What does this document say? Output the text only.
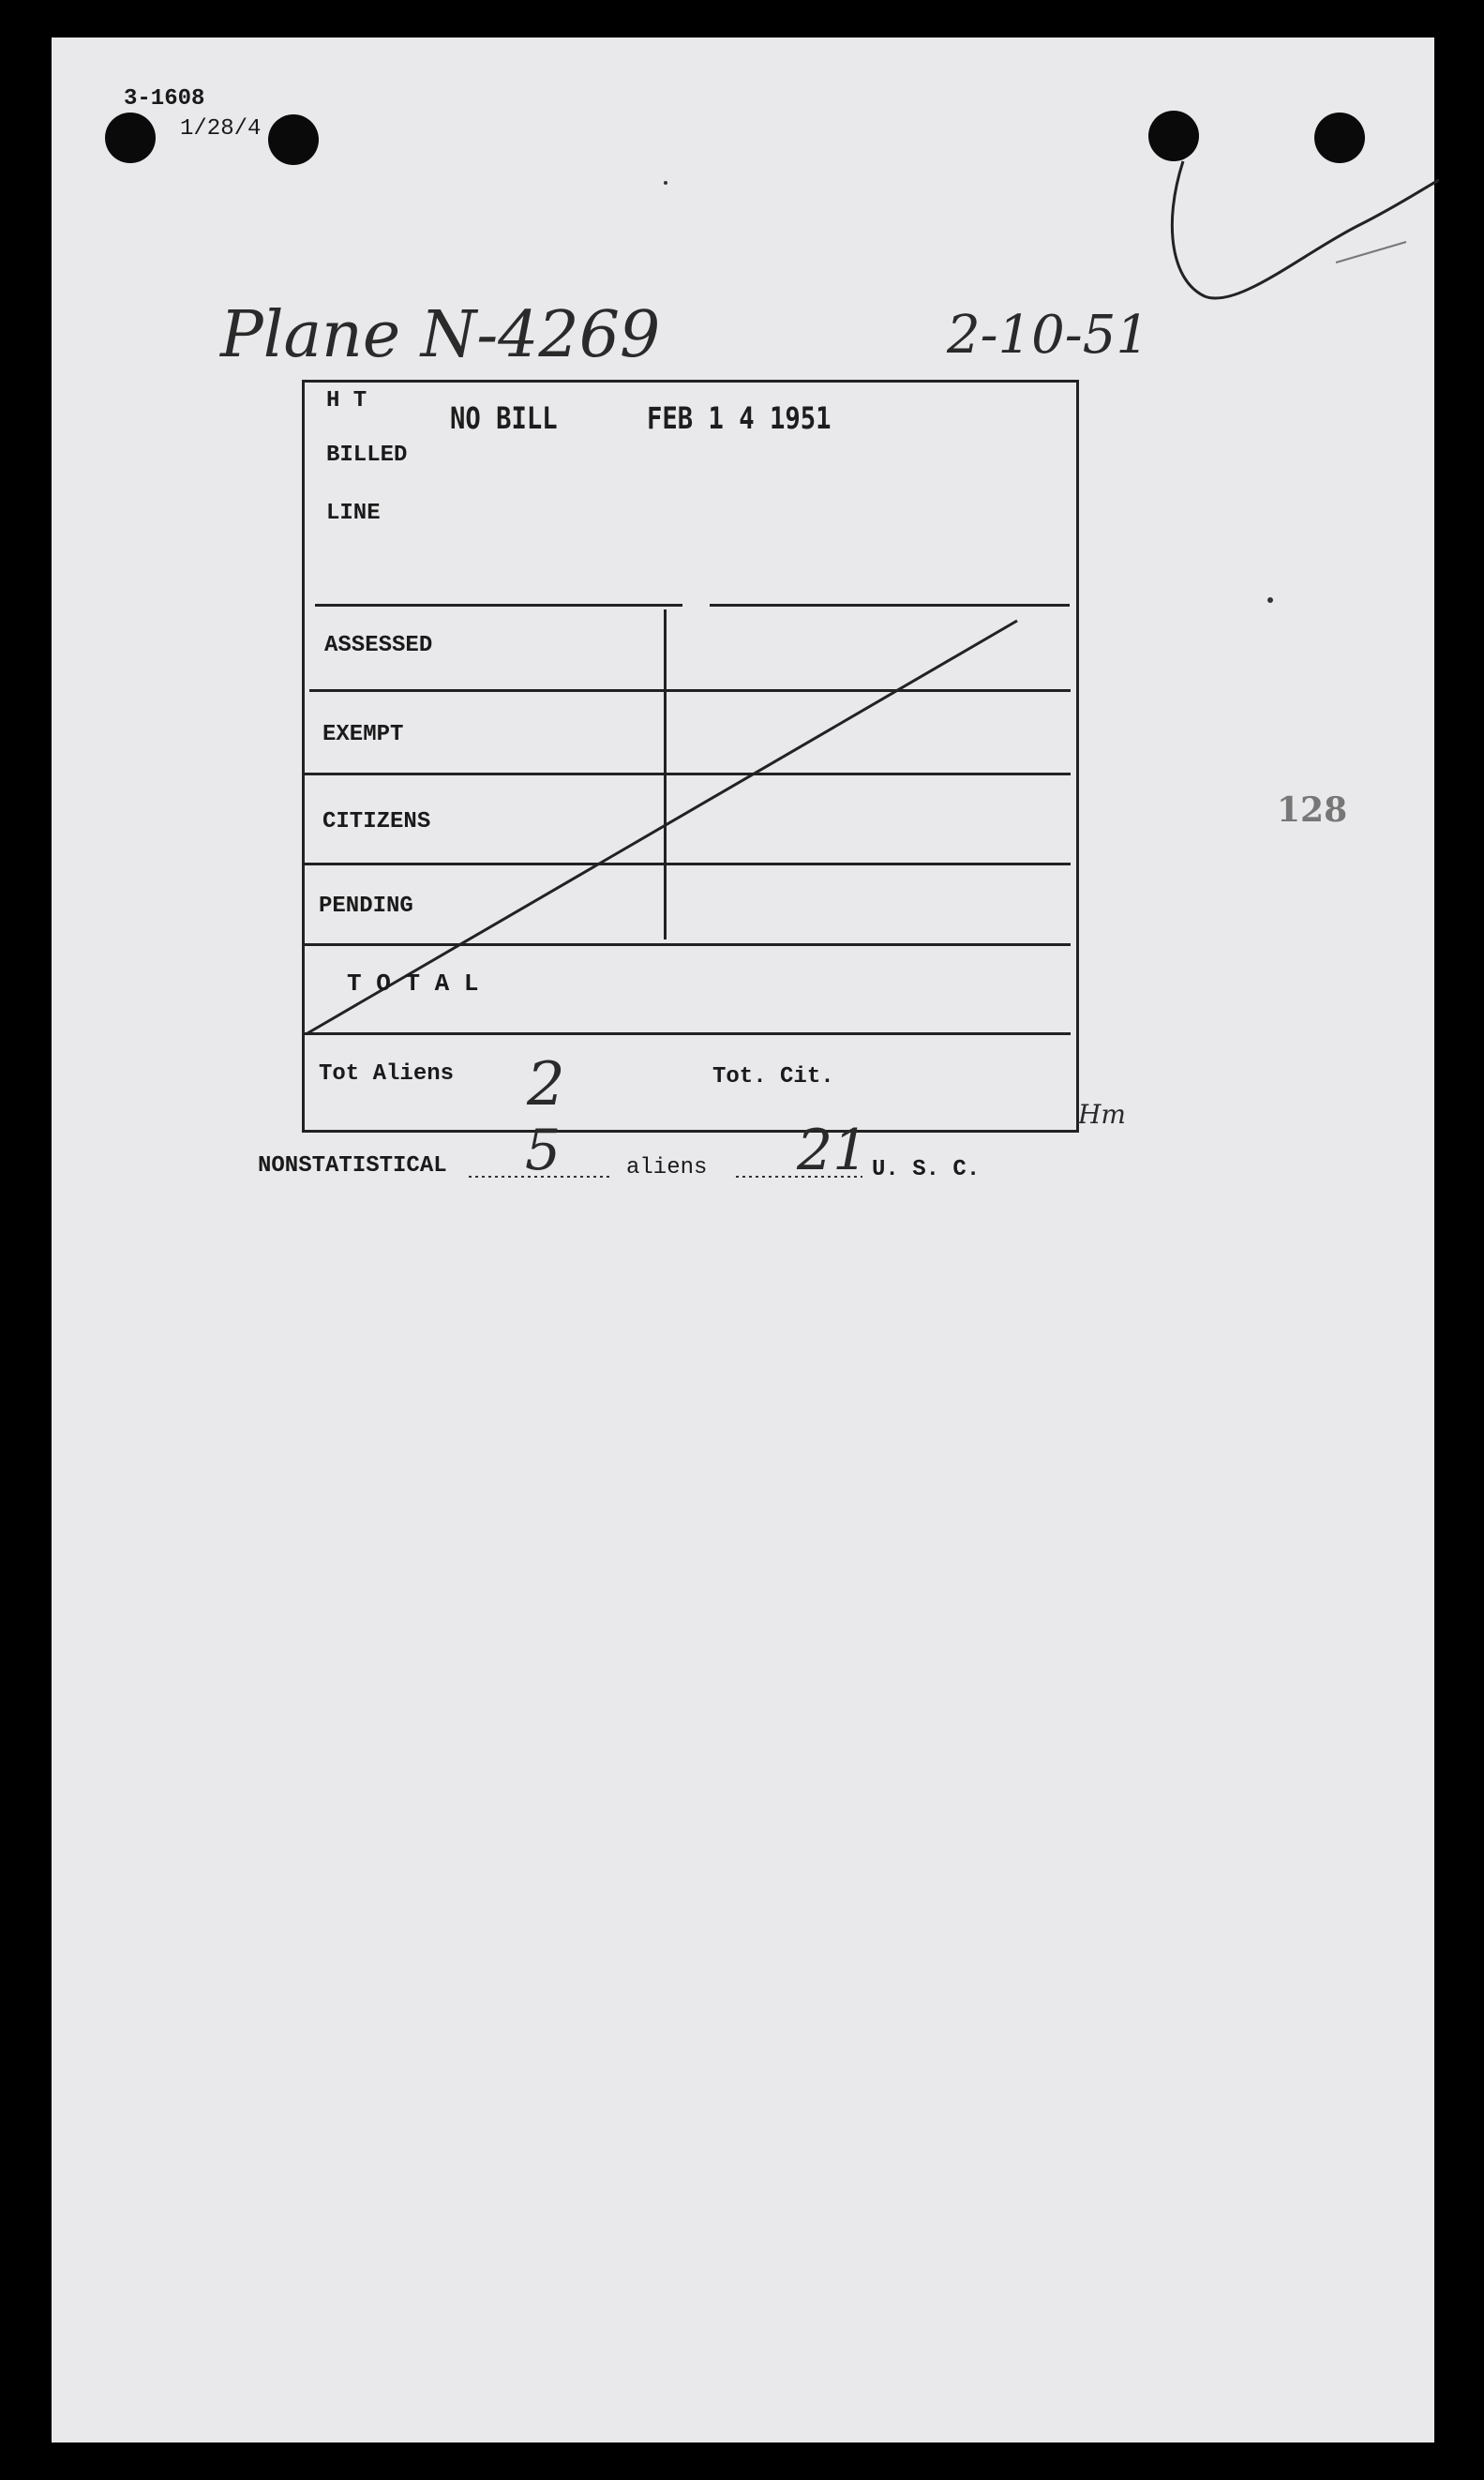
3-1608
1/28/4
Plane N-4269	2-10-51
H T
BILLED
LINE
ASSESSED
EXEMPT
CITIZENS
PENDING
T O T A L
Tot Aliens 2	Tot. Cit.
Hm
NO BILL	FEB 1 4 1951
NONSTATISTICAL 5	aliens 21 U. S. C.
128
